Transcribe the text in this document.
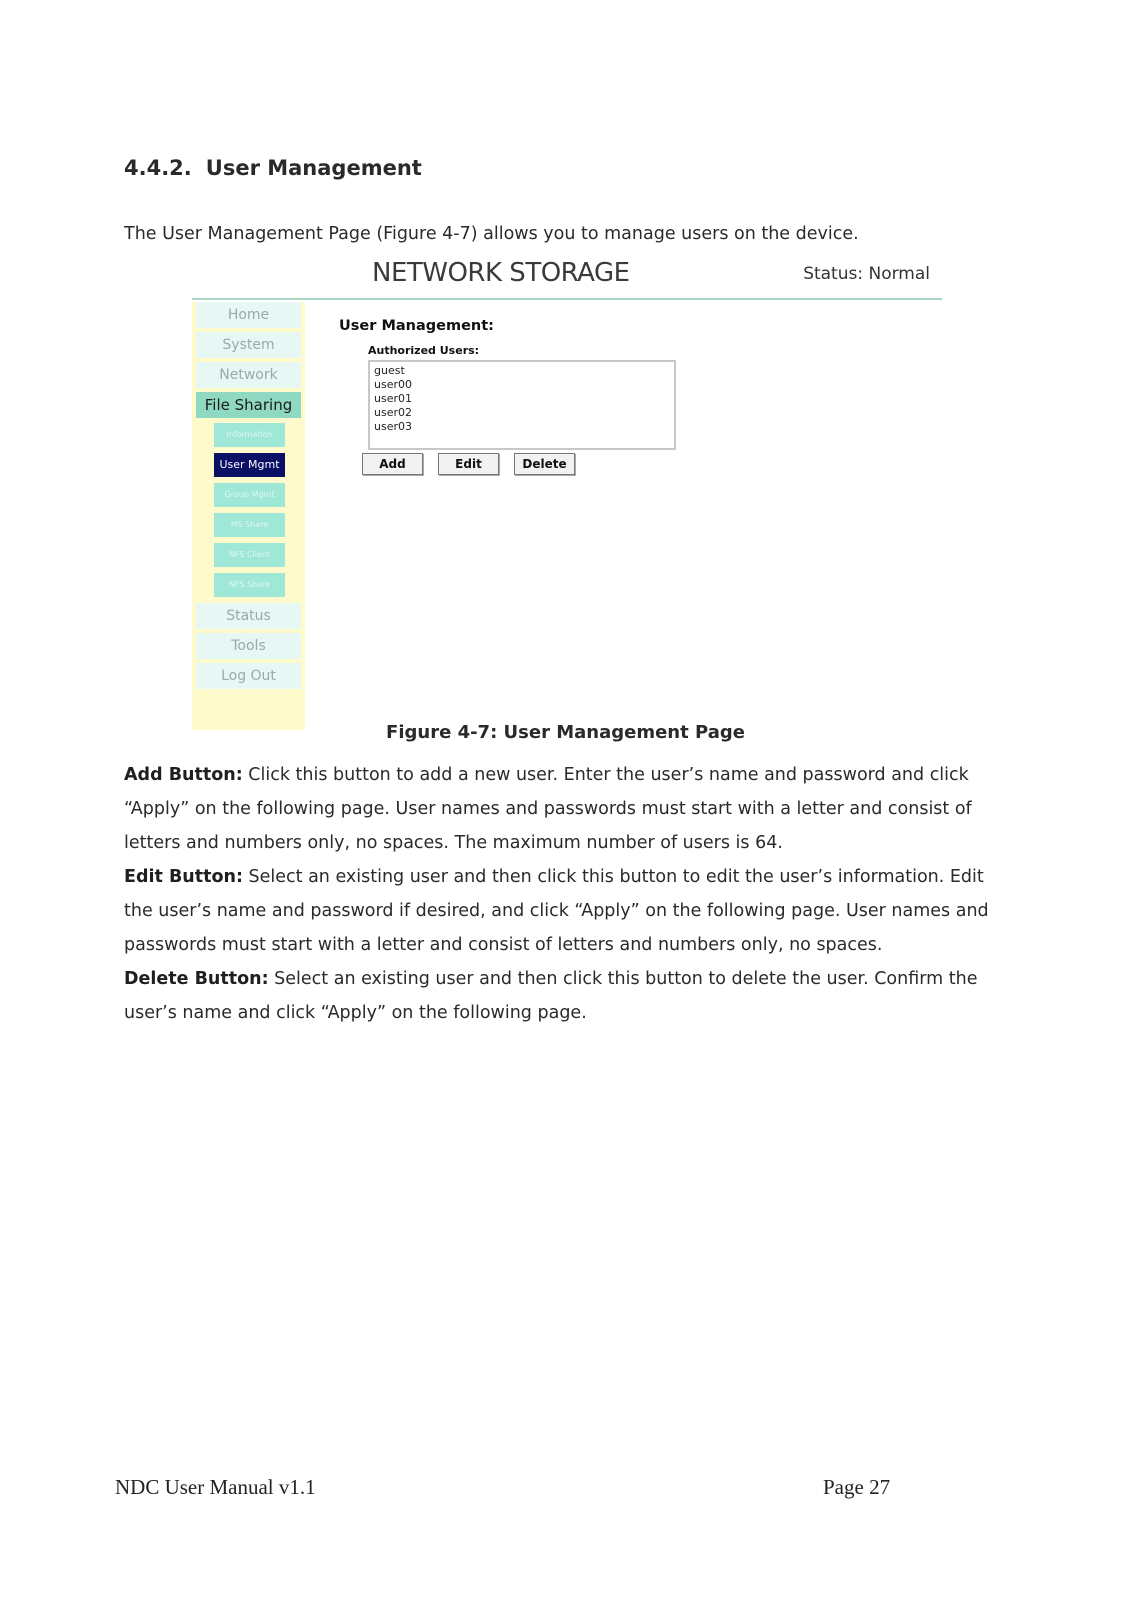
4.4.2. User Management

The User Management Page (Figure 4-7) allows you to manage users on the device.

NETWORK STORAGE	Status: Normal
Home
System
Network
File Sharing
Information
User Mgmt
Group Mgmt
MS Share
NFS Client
NFS Share
Status
Tools
Log Out
User Management:
Authorized Users:
guest
user00
user01
user02
user03
Add	Edit	Delete

Figure 4-7: User Management Page

Add Button: Click this button to add a new user. Enter the user’s name and password and click “Apply” on the following page. User names and passwords must start with a letter and consist of letters and numbers only, no spaces. The maximum number of users is 64.

Edit Button: Select an existing user and then click this button to edit the user’s information. Edit the user’s name and password if desired, and click “Apply” on the following page. User names and passwords must start with a letter and consist of letters and numbers only, no spaces.

Delete Button: Select an existing user and then click this button to delete the user. Confirm the user’s name and click “Apply” on the following page.

NDC User Manual v1.1	Page 27
